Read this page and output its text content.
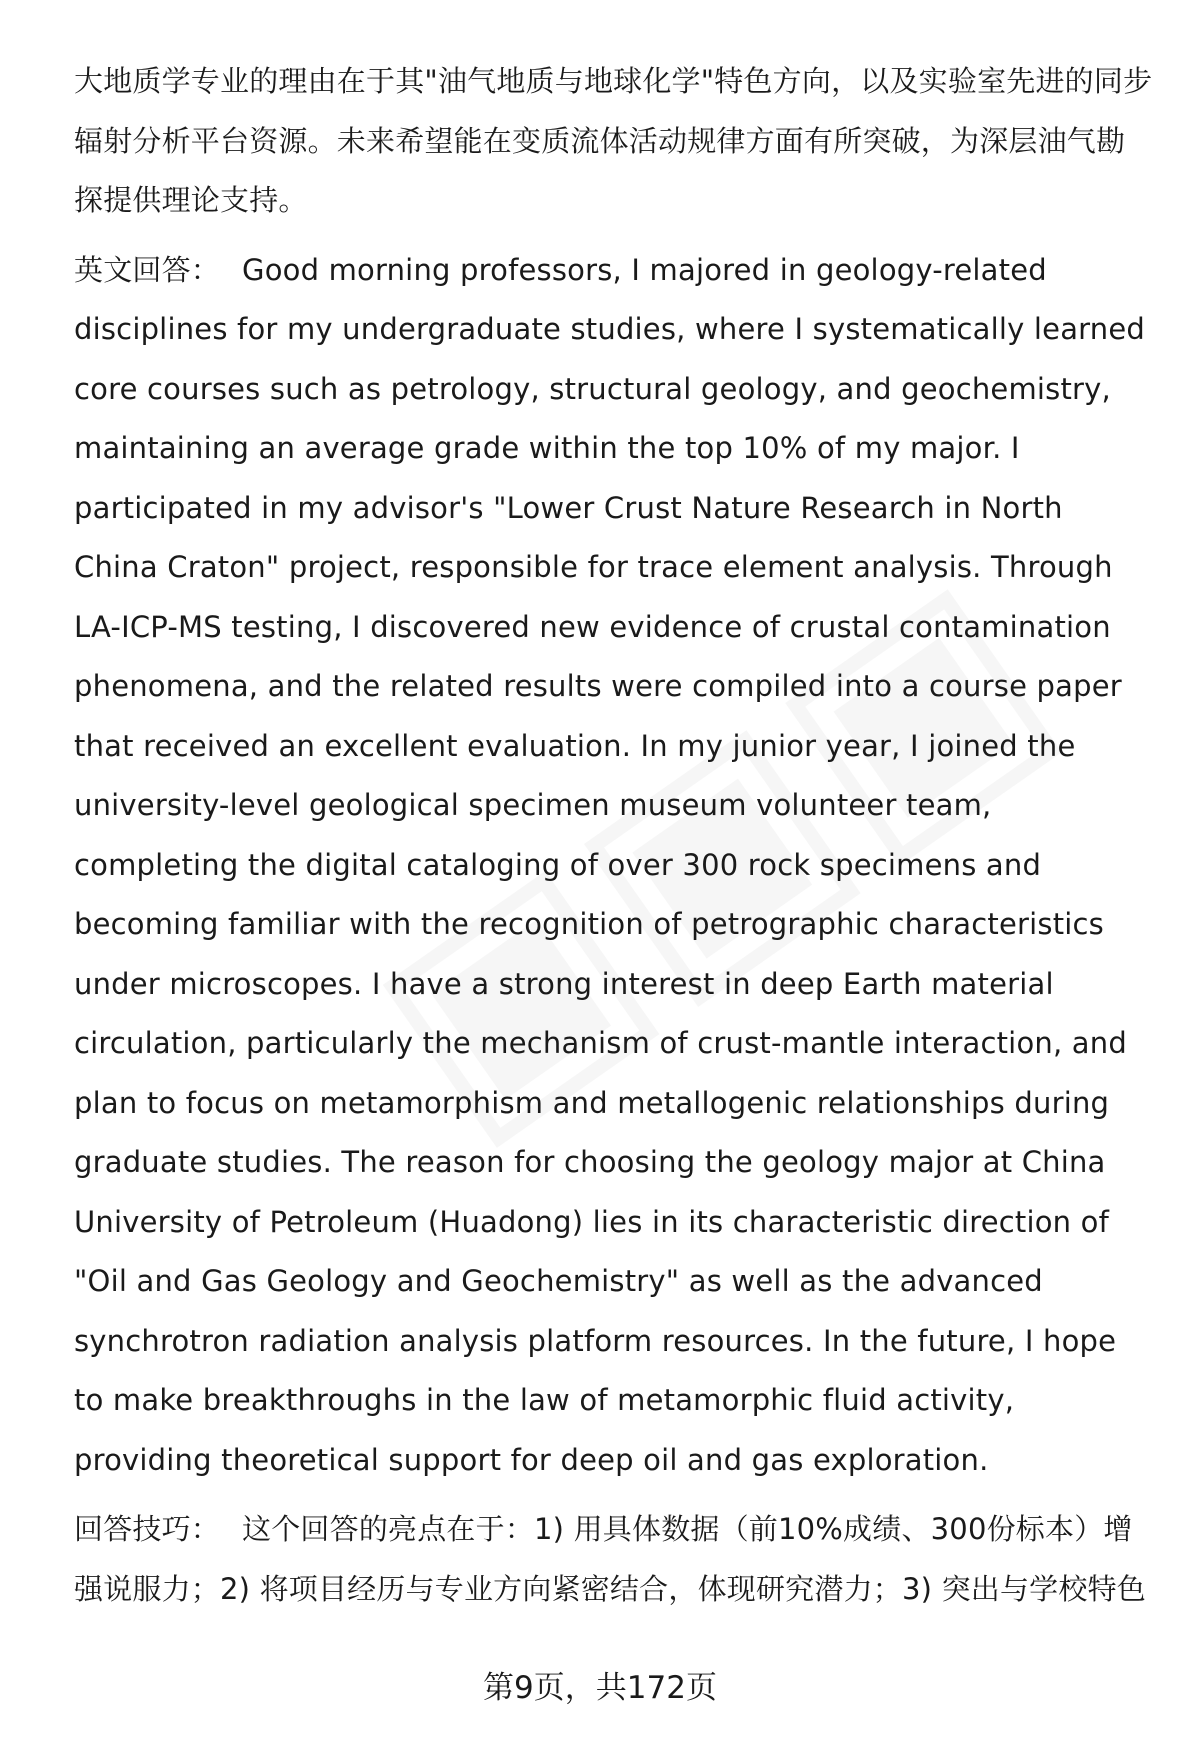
大地质学专业的理由在于其"油气地质与地球化学"特色方向，以及实验室先进的同步辐射分析平台资源。未来希望能在变质流体活动规律方面有所突破，为深层油气勘探提供理论支持。

英文回答： Good morning professors, I majored in geology-related disciplines for my undergraduate studies, where I systematically learned core courses such as petrology, structural geology, and geochemistry, maintaining an average grade within the top 10% of my major. I participated in my advisor's "Lower Crust Nature Research in North China Craton" project, responsible for trace element analysis. Through LA-ICP-MS testing, I discovered new evidence of crustal contamination phenomena, and the related results were compiled into a course paper that received an excellent evaluation. In my junior year, I joined the university-level geological specimen museum volunteer team, completing the digital cataloging of over 300 rock specimens and becoming familiar with the recognition of petrographic characteristics under microscopes. I have a strong interest in deep Earth material circulation, particularly the mechanism of crust-mantle interaction, and plan to focus on metamorphism and metallogenic relationships during graduate studies. The reason for choosing the geology major at China University of Petroleum (Huadong) lies in its characteristic direction of "Oil and Gas Geology and Geochemistry" as well as the advanced synchrotron radiation analysis platform resources. In the future, I hope to make breakthroughs in the law of metamorphic fluid activity, providing theoretical support for deep oil and gas exploration.

回答技巧： 这个回答的亮点在于：1) 用具体数据（前10%成绩、300份标本）增强说服力；2) 将项目经历与专业方向紧密结合，体现研究潜力；3) 突出与学校特色

第9页，共172页
